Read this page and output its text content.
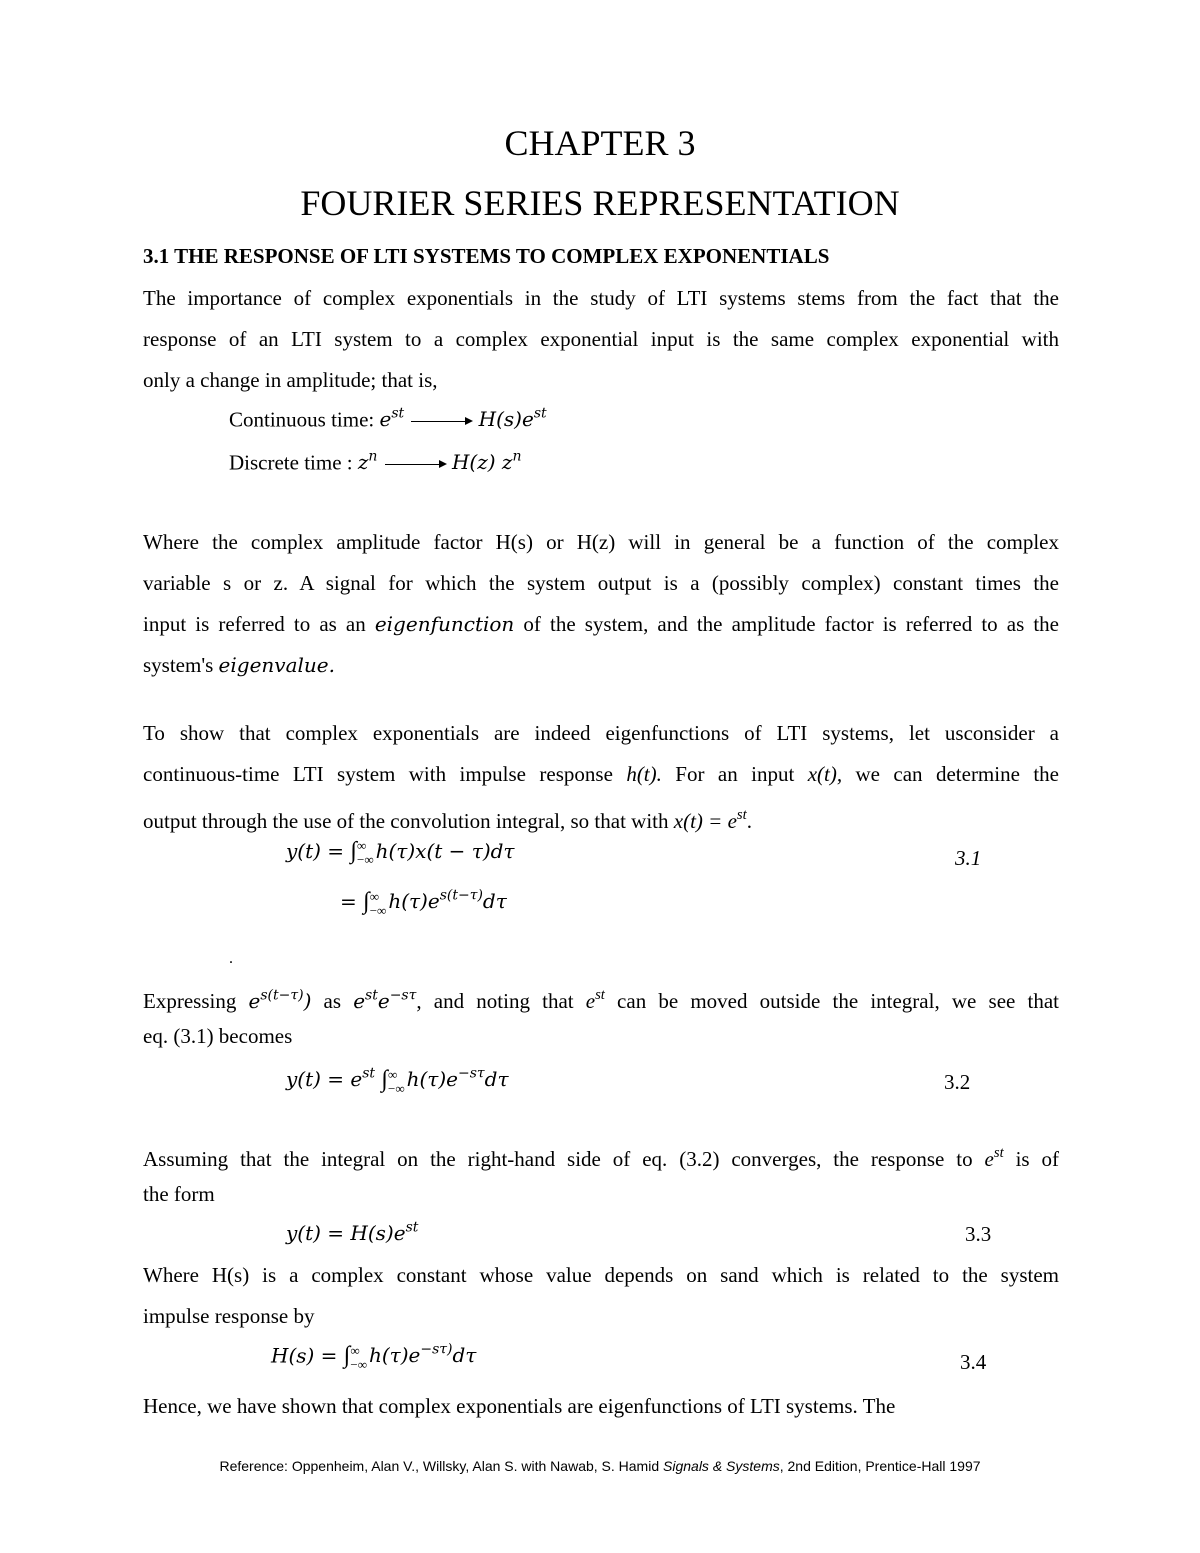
CHAPTER 3
FOURIER SERIES REPRESENTATION
3.1 THE RESPONSE OF LTI SYSTEMS TO COMPLEX EXPONENTIALS
The importance of complex exponentials in the study of LTI systems stems from the fact that the
response of an LTI system to a complex exponential input is the same complex exponential with
only a change in amplitude; that is,
Continuous time: $e^{st}$	$H(s)e^{st}$
Discrete time : $z^n$	H(z) $z^n$
Where the complex amplitude factor H(s) or H(z) will in general be a function of the complex
variable s or z. A signal for which the system output is a (possibly complex) constant times the
input is referred to as an eigenfunction of the system, and the amplitude factor is referred to as the
system's eigenvalue.
To show that complex exponentials are indeed eigenfunctions of LTI systems, let usconsider a
continuous-time LTI system with impulse response h(t). For an input x(t), we can determine the
output through the use of the convolution integral, so that with $x(t) = e^{st}$.
y(t) = ∫ ∞
−∞ h(τ)x(t − τ)dτ	3.1
= ∫ ∞
−∞ $h(\tau)e^{s(t-\tau)}d\tau$
.
Expressing $e^{s(t-\tau)}$) as $e^{st}e^{-s\tau}$, and noting that $e^{st}$ can be moved outside the integral, we see that
eq. (3.1) becomes
$y(t) = e^{st}$ ∫ ∞
−∞ $h(\tau)e^{-s\tau}d\tau$	3.2
Assuming that the integral on the right-hand side of eq. (3.2) converges, the response to $e^{st}$ is of
the form
$y(t) = H(s)e^{st}$	3.3
Where H(s) is a complex constant whose value depends on sand which is related to the system
impulse response by
H(s) = ∫ ∞
−∞ $h(\tau)e^{-s\tau)}d\tau$	3.4
Hence, we have shown that complex exponentials are eigenfunctions of LTI systems. The
Reference: Oppenheim, Alan V., Willsky, Alan S. with Nawab, S. Hamid Signals & Systems, 2nd Edition, Prentice-Hall 1997
